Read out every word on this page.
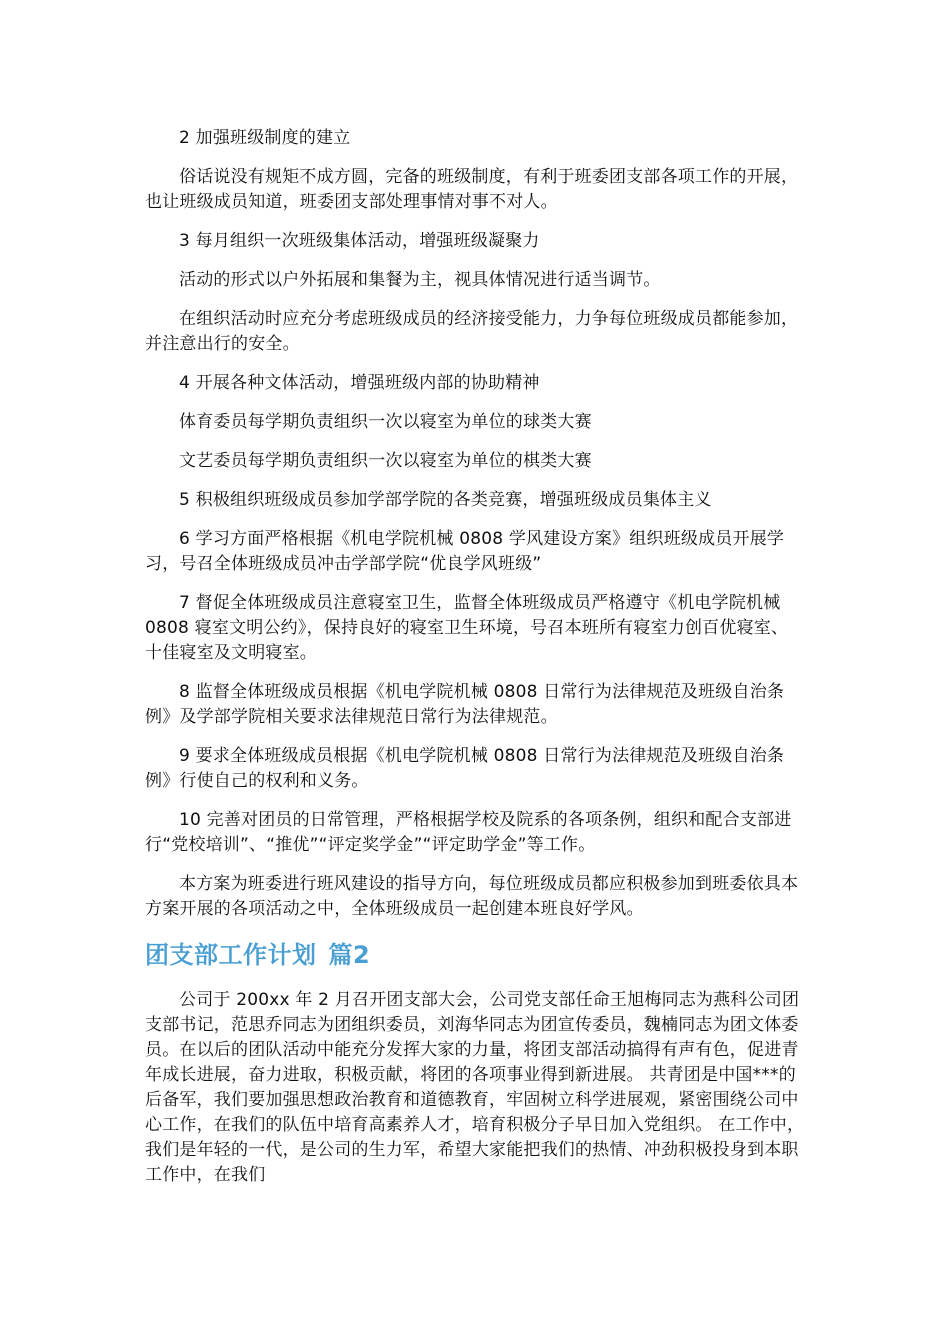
2 加强班级制度的建立

俗话说没有规矩不成方圆，完备的班级制度，有利于班委团支部各项工作的开展，也让班级成员知道，班委团支部处理事情对事不对人。

3 每月组织一次班级集体活动，增强班级凝聚力

活动的形式以户外拓展和集餐为主，视具体情况进行适当调节。

在组织活动时应充分考虑班级成员的经济接受能力，力争每位班级成员都能参加，并注意出行的安全。

4 开展各种文体活动，增强班级内部的协助精神

体育委员每学期负责组织一次以寝室为单位的球类大赛

文艺委员每学期负责组织一次以寝室为单位的棋类大赛

5 积极组织班级成员参加学部学院的各类竞赛，增强班级成员集体主义

6 学习方面严格根据《机电学院机械 0808 学风建设方案》组织班级成员开展学习，号召全体班级成员冲击学部学院“优良学风班级”

7 督促全体班级成员注意寝室卫生，监督全体班级成员严格遵守《机电学院机械 0808 寝室文明公约》，保持良好的寝室卫生环境，号召本班所有寝室力创百优寝室、十佳寝室及文明寝室。

8 监督全体班级成员根据《机电学院机械 0808 日常行为法律规范及班级自治条例》及学部学院相关要求法律规范日常行为法律规范。

9 要求全体班级成员根据《机电学院机械 0808 日常行为法律规范及班级自治条例》行使自己的权利和义务。

10 完善对团员的日常管理，严格根据学校及院系的各项条例，组织和配合支部进行“党校培训”、“推优”“评定奖学金”“评定助学金”等工作。

本方案为班委进行班风建设的指导方向，每位班级成员都应积极参加到班委依具本方案开展的各项活动之中，全体班级成员一起创建本班良好学风。

团支部工作计划 篇2

公司于 200xx 年 2 月召开团支部大会，公司党支部任命王旭梅同志为燕科公司团支部书记，范思乔同志为团组织委员，刘海华同志为团宣传委员，魏楠同志为团文体委员。在以后的团队活动中能充分发挥大家的力量，将团支部活动搞得有声有色，促进青年成长进展，奋力进取，积极贡献，将团的各项事业得到新进展。 共青团是中国***的后备军，我们要加强思想政治教育和道德教育，牢固树立科学进展观，紧密围绕公司中心工作，在我们的队伍中培育高素养人才，培育积极分子早日加入党组织。 在工作中，我们是年轻的一代，是公司的生力军，希望大家能把我们的热情、冲劲积极投身到本职工作中，在我们
